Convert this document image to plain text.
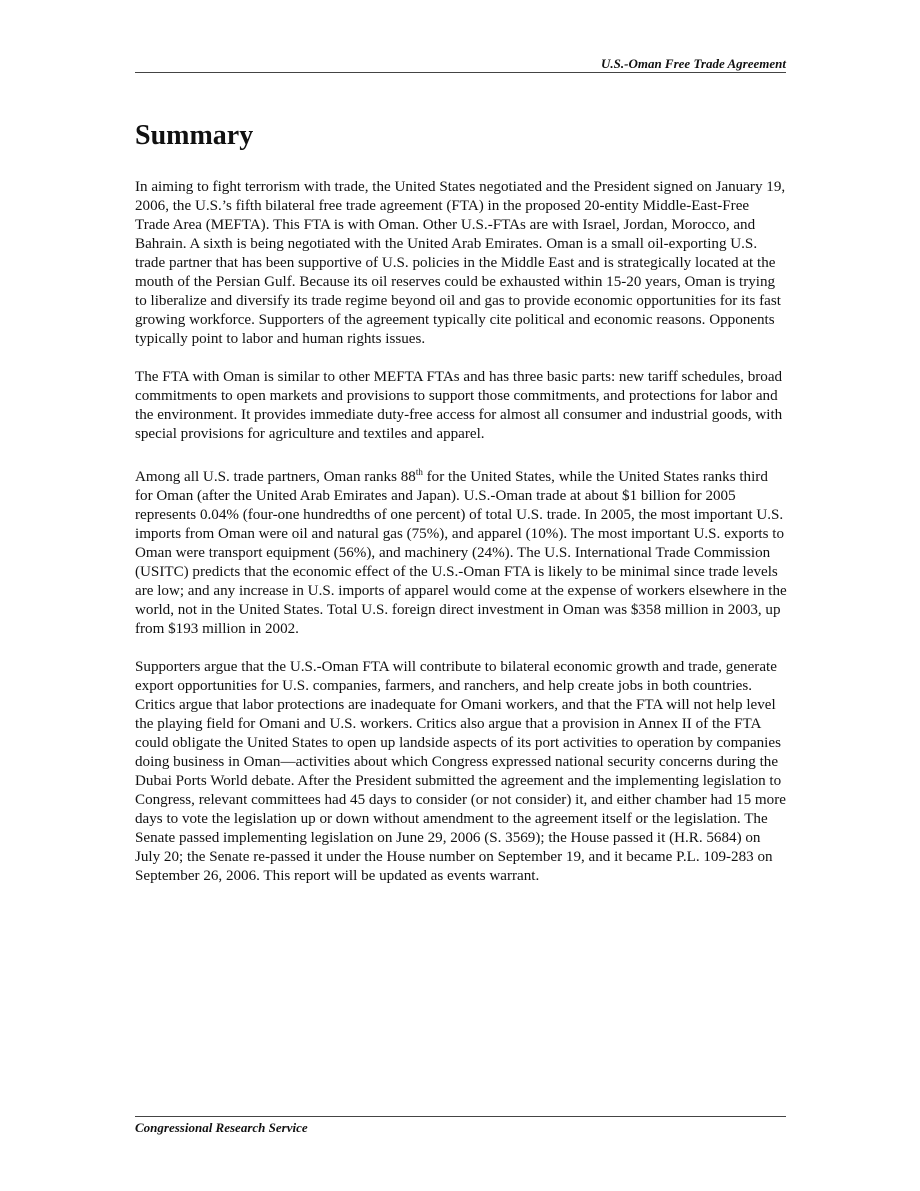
U.S.-Oman Free Trade Agreement
Summary

In aiming to fight terrorism with trade, the United States negotiated and the President signed on January 19, 2006, the U.S.’s fifth bilateral free trade agreement (FTA) in the proposed 20-entity Middle-East-Free Trade Area (MEFTA). This FTA is with Oman. Other U.S.-FTAs are with Israel, Jordan, Morocco, and Bahrain. A sixth is being negotiated with the United Arab Emirates. Oman is a small oil-exporting U.S. trade partner that has been supportive of U.S. policies in the Middle East and is strategically located at the mouth of the Persian Gulf. Because its oil reserves could be exhausted within 15-20 years, Oman is trying to liberalize and diversify its trade regime beyond oil and gas to provide economic opportunities for its fast growing workforce. Supporters of the agreement typically cite political and economic reasons. Opponents typically point to labor and human rights issues.

The FTA with Oman is similar to other MEFTA FTAs and has three basic parts: new tariff schedules, broad commitments to open markets and provisions to support those commitments, and protections for labor and the environment. It provides immediate duty-free access for almost all consumer and industrial goods, with special provisions for agriculture and textiles and apparel.

Among all U.S. trade partners, Oman ranks 88th for the United States, while the United States ranks third for Oman (after the United Arab Emirates and Japan). U.S.-Oman trade at about $1 billion for 2005 represents 0.04% (four-one hundredths of one percent) of total U.S. trade. In 2005, the most important U.S. imports from Oman were oil and natural gas (75%), and apparel (10%). The most important U.S. exports to Oman were transport equipment (56%), and machinery (24%). The U.S. International Trade Commission (USITC) predicts that the economic effect of the U.S.-Oman FTA is likely to be minimal since trade levels are low; and any increase in U.S. imports of apparel would come at the expense of workers elsewhere in the world, not in the United States. Total U.S. foreign direct investment in Oman was $358 million in 2003, up from $193 million in 2002.

Supporters argue that the U.S.-Oman FTA will contribute to bilateral economic growth and trade, generate export opportunities for U.S. companies, farmers, and ranchers, and help create jobs in both countries. Critics argue that labor protections are inadequate for Omani workers, and that the FTA will not help level the playing field for Omani and U.S. workers. Critics also argue that a provision in Annex II of the FTA could obligate the United States to open up landside aspects of its port activities to operation by companies doing business in Oman—activities about which Congress expressed national security concerns during the Dubai Ports World debate. After the President submitted the agreement and the implementing legislation to Congress, relevant committees had 45 days to consider (or not consider) it, and either chamber had 15 more days to vote the legislation up or down without amendment to the agreement itself or the legislation. The Senate passed implementing legislation on June 29, 2006 (S. 3569); the House passed it (H.R. 5684) on July 20; the Senate re-passed it under the House number on September 19, and it became P.L. 109-283 on September 26, 2006. This report will be updated as events warrant.

Congressional Research Service
